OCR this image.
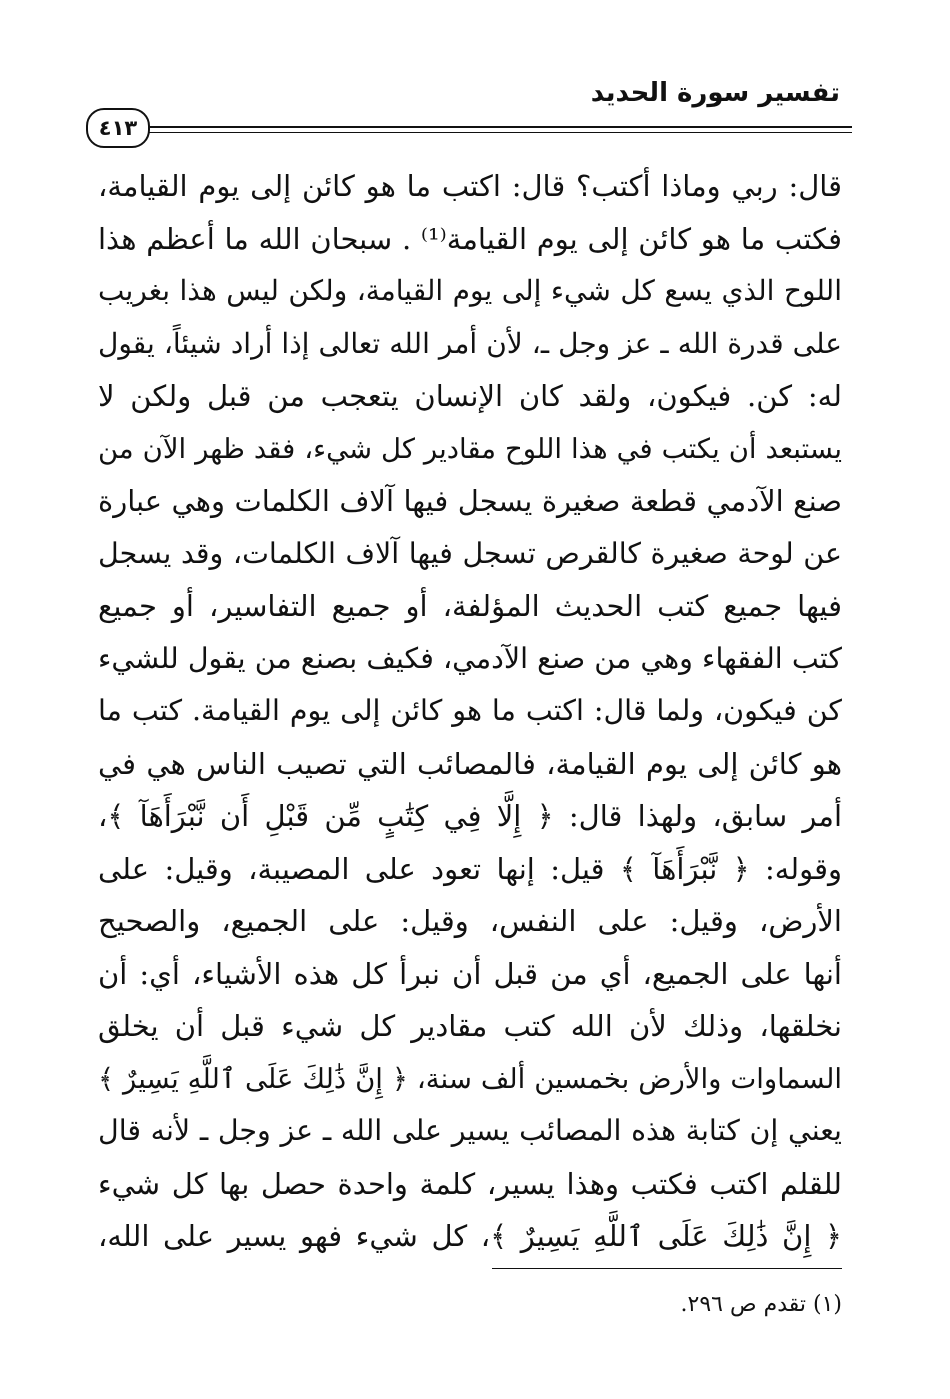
تفسير سورة الحديد
٤١٣
قال: ربي وماذا أكتب؟ قال: اكتب ما هو كائن إلى يوم القيامة،
فكتب ما هو كائن إلى يوم القيامة⁽¹⁾ . سبحان الله ما أعظم هذا
اللوح الذي يسع كل شيء إلى يوم القيامة، ولكن ليس هذا بغريب
على قدرة الله ـ عز وجل ـ، لأن أمر الله تعالى إذا أراد شيئاً، يقول
له: كن. فيكون، ولقد كان الإنسان يتعجب من قبل ولكن لا
يستبعد أن يكتب في هذا اللوح مقادير كل شيء، فقد ظهر الآن من
صنع الآدمي قطعة صغيرة يسجل فيها آلاف الكلمات وهي عبارة
عن لوحة صغيرة كالقرص تسجل فيها آلاف الكلمات، وقد يسجل
فيها جميع كتب الحديث المؤلفة، أو جميع التفاسير، أو جميع
كتب الفقهاء وهي من صنع الآدمي، فكيف بصنع من يقول للشيء
كن فيكون، ولما قال: اكتب ما هو كائن إلى يوم القيامة. كتب ما
هو كائن إلى يوم القيامة، فالمصائب التي تصيب الناس هي في
أمر سابق، ولهذا قال: ﴿ إِلَّا فِي كِتَٰبٍ مِّن قَبْلِ أَن نَّبْرَأَهَآ ﴾،
وقوله: ﴿ نَّبْرَأَهَآ ﴾ قيل: إنها تعود على المصيبة، وقيل: على
الأرض، وقيل: على النفس، وقيل: على الجميع، والصحيح
أنها على الجميع، أي من قبل أن نبرأ كل هذه الأشياء، أي: أن
نخلقها، وذلك لأن الله كتب مقادير كل شيء قبل أن يخلق
السماوات والأرض بخمسين ألف سنة، ﴿ إِنَّ ذَٰلِكَ عَلَى ٱللَّهِ يَسِيرٌ ﴾
يعني إن كتابة هذه المصائب يسير على الله ـ عز وجل ـ لأنه قال
للقلم اكتب فكتب وهذا يسير، كلمة واحدة حصل بها كل شيء
﴿ إِنَّ ذَٰلِكَ عَلَى ٱللَّهِ يَسِيرٌ ﴾، كل شيء فهو يسير على الله،
(١) تقدم ص ٢٩٦.
